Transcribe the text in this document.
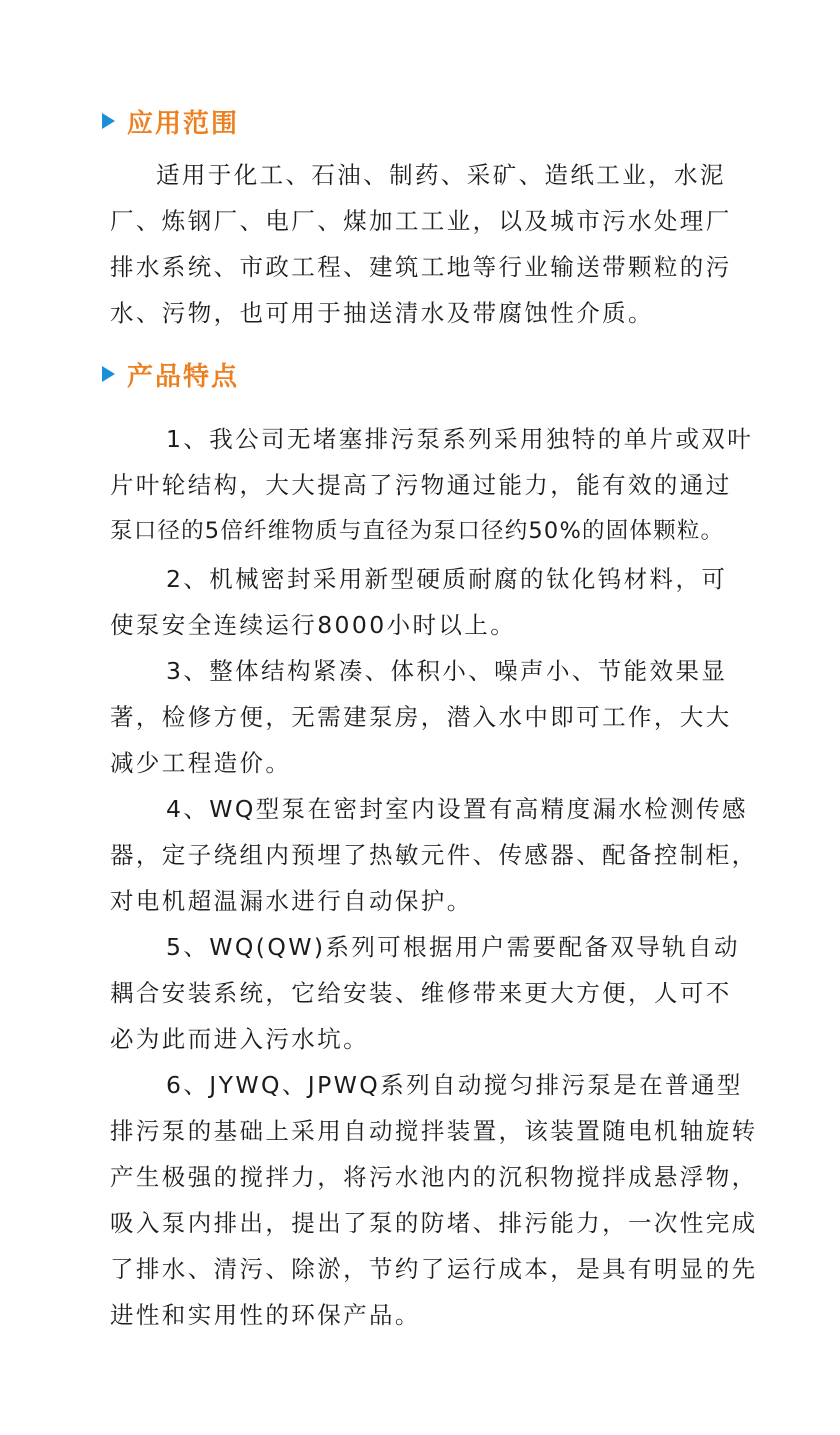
应用范围
适用于化工、石油、制药、采矿、造纸工业，水泥
厂、炼钢厂、电厂、煤加工工业，以及城市污水处理厂
排水系统、市政工程、建筑工地等行业输送带颗粒的污
水、污物，也可用于抽送清水及带腐蚀性介质。
产品特点
1、我公司无堵塞排污泵系列采用独特的单片或双叶
片叶轮结构，大大提高了污物通过能力，能有效的通过
泵口径的5倍纤维物质与直径为泵口径约50%的固体颗粒。
2、机械密封采用新型硬质耐腐的钛化钨材料，可
使泵安全连续运行8000小时以上。
3、整体结构紧凑、体积小、噪声小、节能效果显
著，检修方便，无需建泵房，潜入水中即可工作，大大
减少工程造价。
4、WQ型泵在密封室内设置有高精度漏水检测传感
器，定子绕组内预埋了热敏元件、传感器、配备控制柜，
对电机超温漏水进行自动保护。
5、WQ(QW)系列可根据用户需要配备双导轨自动
耦合安装系统，它给安装、维修带来更大方便，人可不
必为此而进入污水坑。
6、JYWQ、JPWQ系列自动搅匀排污泵是在普通型
排污泵的基础上采用自动搅拌装置，该装置随电机轴旋转
产生极强的搅拌力，将污水池内的沉积物搅拌成悬浮物，
吸入泵内排出，提出了泵的防堵、排污能力，一次性完成
了排水、清污、除淤，节约了运行成本，是具有明显的先
进性和实用性的环保产品。
